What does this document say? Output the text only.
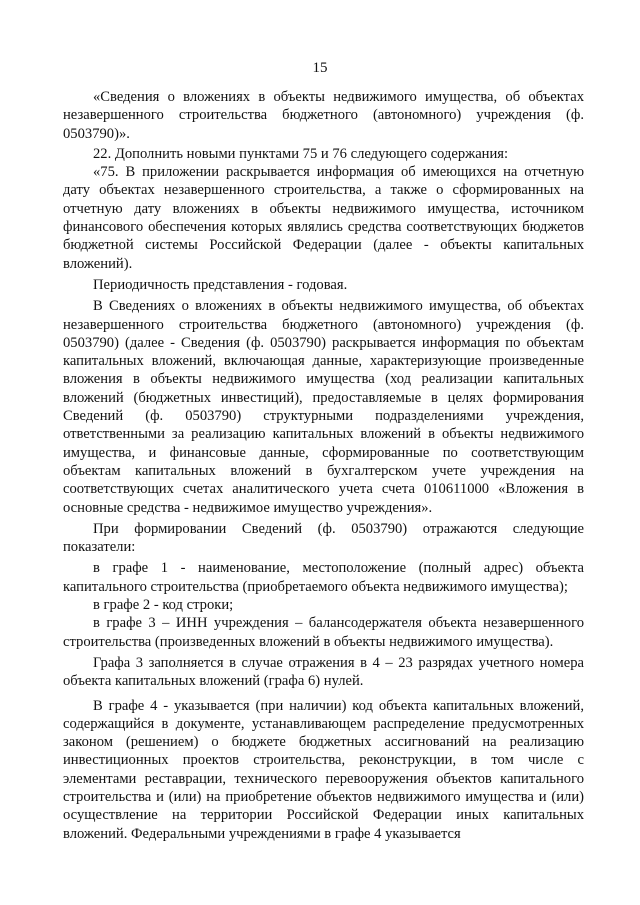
15

«Сведения о вложениях в объекты недвижимого имущества, об объектах незавершенного строительства бюджетного (автономного) учреждения (ф. 0503790)».

22. Дополнить новыми пунктами 75 и 76 следующего содержания:

«75. В приложении раскрывается информация об имеющихся на отчетную дату объектах незавершенного строительства, а также о сформированных на отчетную дату вложениях в объекты недвижимого имущества, источником финансового обеспечения которых являлись средства соответствующих бюджетов бюджетной системы Российской Федерации (далее - объекты капитальных вложений).

Периодичность представления - годовая.

В Сведениях о вложениях в объекты недвижимого имущества, об объектах незавершенного строительства бюджетного (автономного) учреждения (ф. 0503790) (далее - Сведения (ф. 0503790) раскрывается информация по объектам капитальных вложений, включающая данные, характеризующие произведенные вложения в объекты недвижимого имущества (ход реализации капитальных вложений (бюджетных инвестиций), предоставляемые в целях формирования Сведений (ф. 0503790) структурными подразделениями учреждения, ответственными за реализацию капитальных вложений в объекты недвижимого имущества, и финансовые данные, сформированные по соответствующим объектам капитальных вложений в бухгалтерском учете учреждения на соответствующих счетах аналитического учета счета 010611000 «Вложения в основные средства - недвижимое имущество учреждения».

При формировании Сведений (ф. 0503790) отражаются следующие показатели:

в графе 1 - наименование, местоположение (полный адрес) объекта капитального строительства (приобретаемого объекта недвижимого имущества);

в графе 2 - код строки;

в графе 3 – ИНН учреждения – балансодержателя объекта незавершенного строительства (произведенных вложений в объекты недвижимого имущества).

Графа 3 заполняется в случае отражения в 4 – 23 разрядах учетного номера объекта капитальных вложений (графа 6) нулей.

В графе 4 - указывается (при наличии) код объекта капитальных вложений, содержащийся в документе, устанавливающем распределение предусмотренных законом (решением) о бюджете бюджетных ассигнований на реализацию инвестиционных проектов строительства, реконструкции, в том числе с элементами реставрации, технического перевооружения объектов капитального строительства и (или) на приобретение объектов недвижимого имущества и (или) осуществление на территории Российской Федерации иных капитальных вложений. Федеральными учреждениями в графе 4 указывается
